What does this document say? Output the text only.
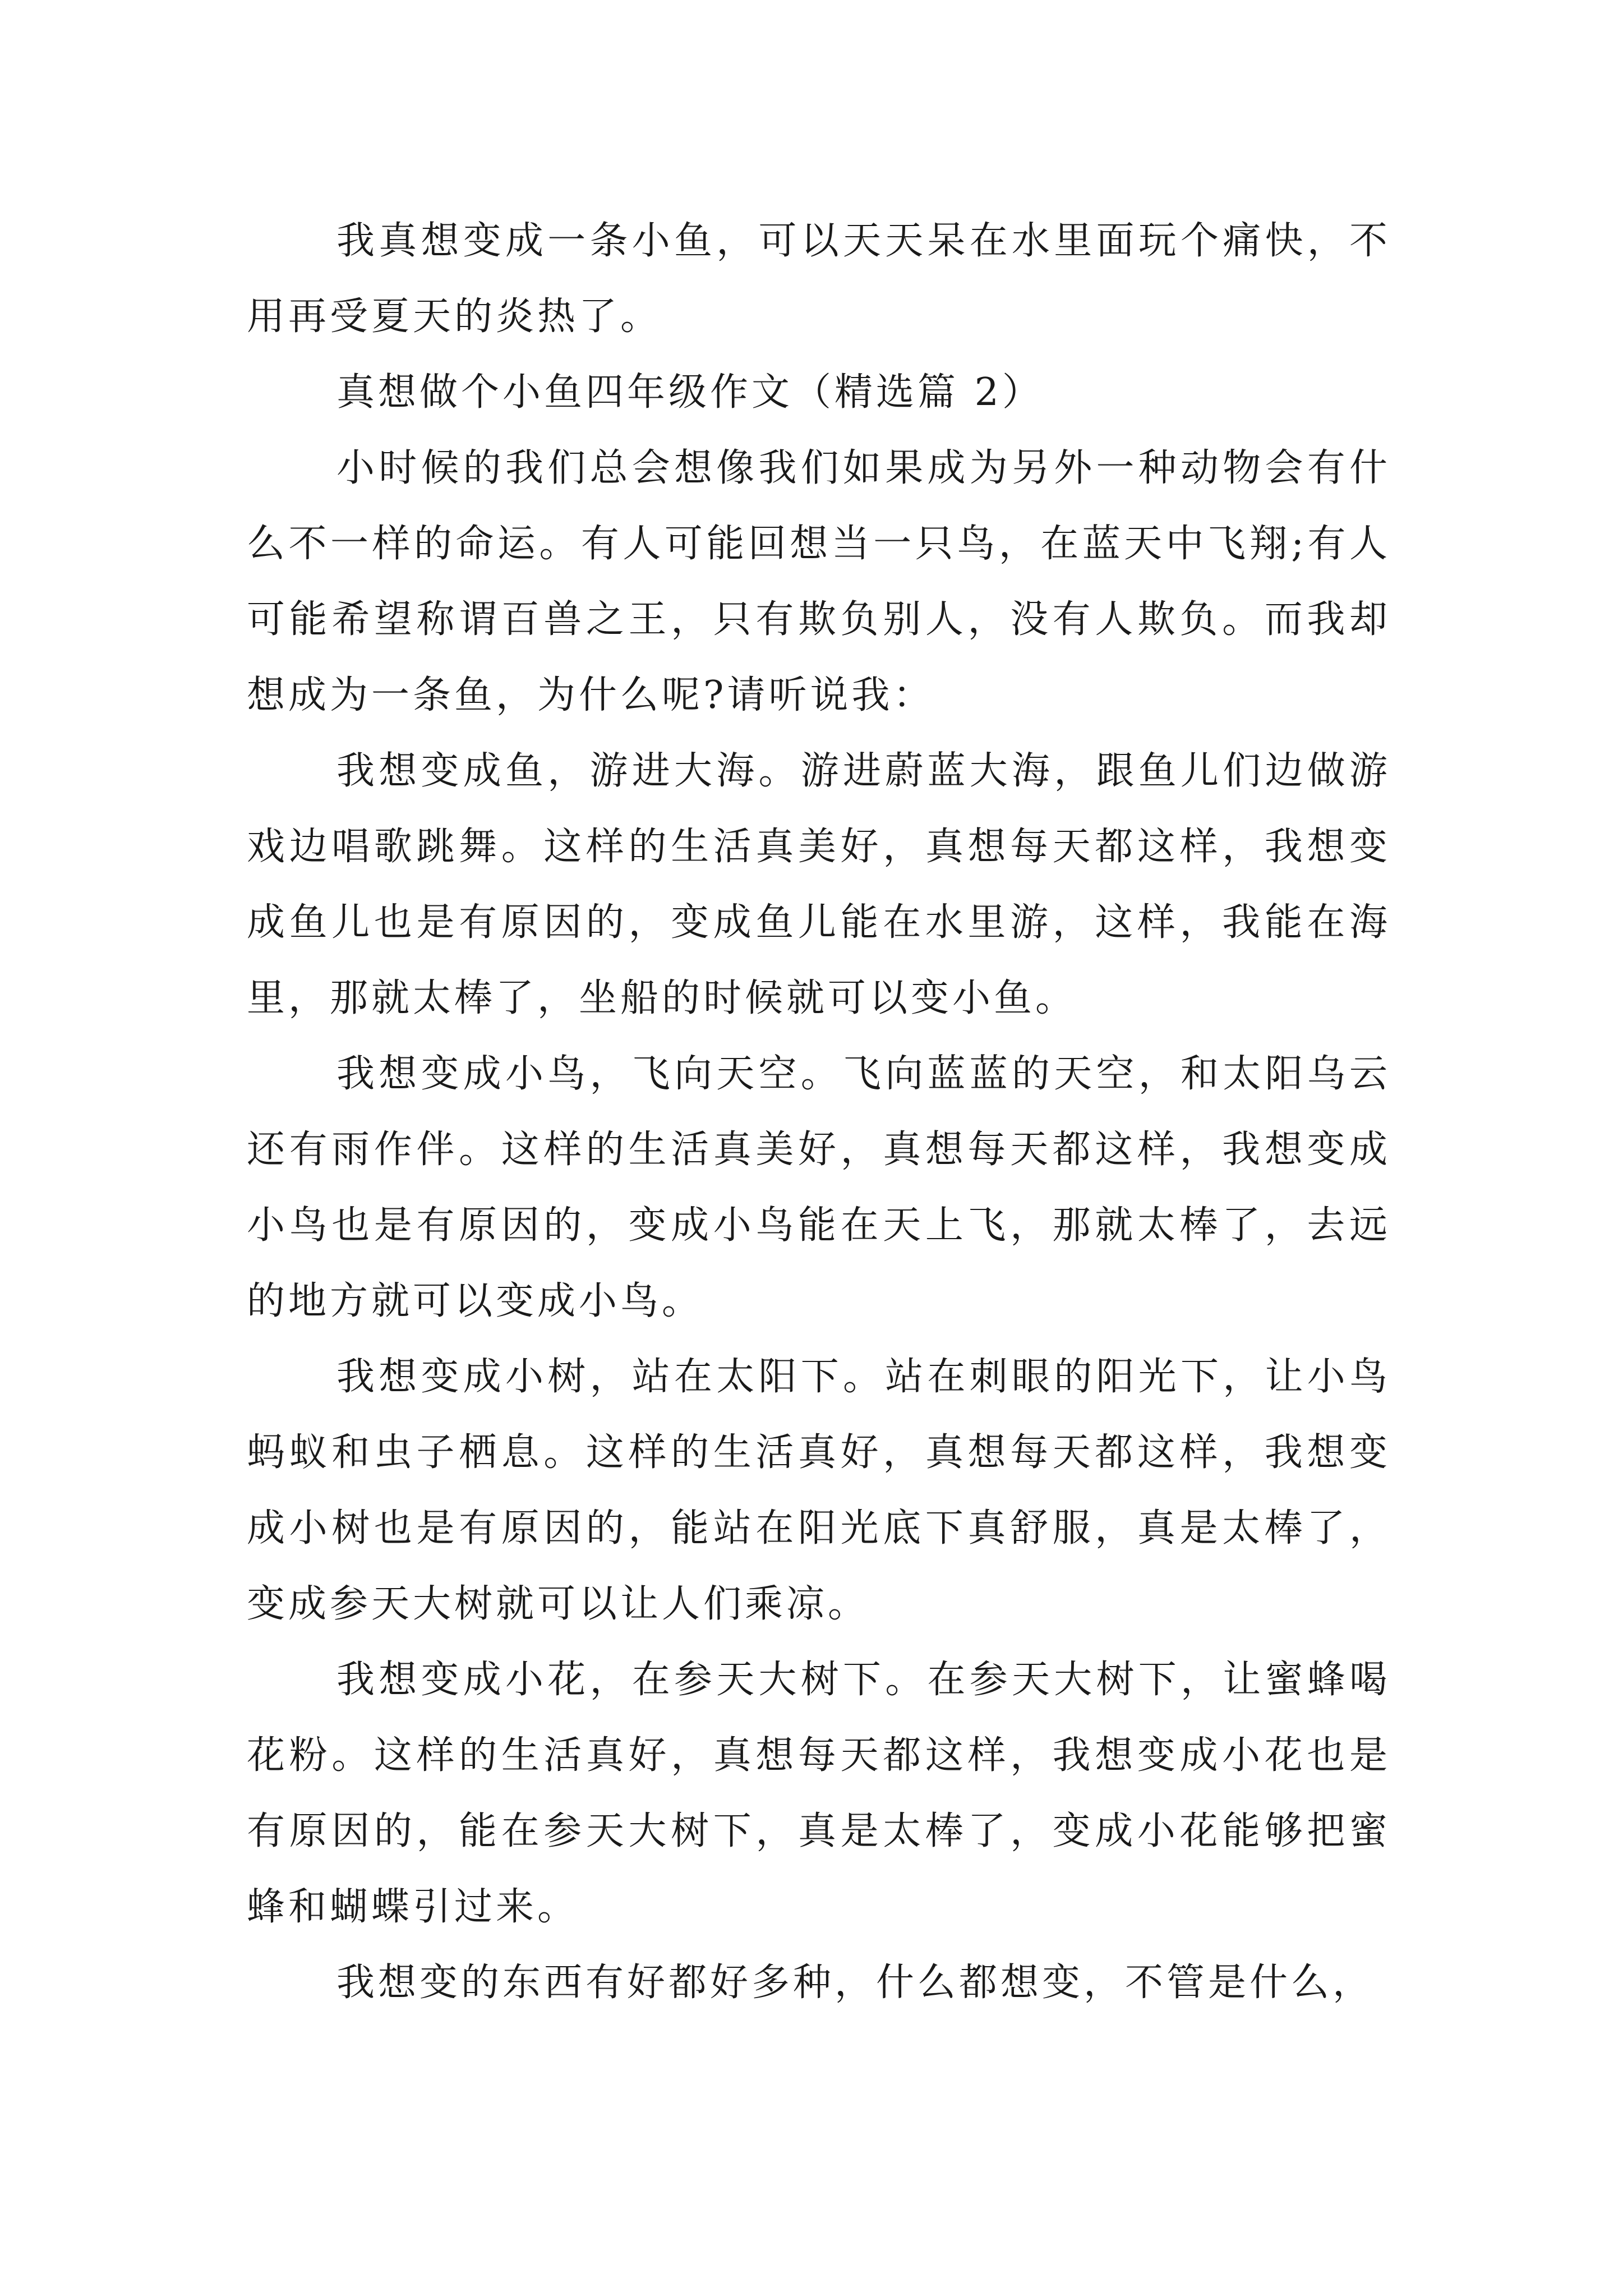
我真想变成一条小鱼，可以天天呆在水里面玩个痛快，不用再受夏天的炎热了。

真想做个小鱼四年级作文（精选篇 2）

小时候的我们总会想像我们如果成为另外一种动物会有什么不一样的命运。有人可能回想当一只鸟，在蓝天中飞翔;有人可能希望称谓百兽之王，只有欺负别人，没有人欺负。而我却想成为一条鱼，为什么呢?请听说我：

我想变成鱼，游进大海。游进蔚蓝大海，跟鱼儿们边做游戏边唱歌跳舞。这样的生活真美好，真想每天都这样，我想变成鱼儿也是有原因的，变成鱼儿能在水里游，这样，我能在海里，那就太棒了，坐船的时候就可以变小鱼。

我想变成小鸟，飞向天空。飞向蓝蓝的天空，和太阳乌云还有雨作伴。这样的生活真美好，真想每天都这样，我想变成小鸟也是有原因的，变成小鸟能在天上飞，那就太棒了，去远的地方就可以变成小鸟。

我想变成小树，站在太阳下。站在刺眼的阳光下，让小鸟蚂蚁和虫子栖息。这样的生活真好，真想每天都这样，我想变成小树也是有原因的，能站在阳光底下真舒服，真是太棒了，变成参天大树就可以让人们乘凉。

我想变成小花，在参天大树下。在参天大树下，让蜜蜂喝花粉。这样的生活真好，真想每天都这样，我想变成小花也是有原因的，能在参天大树下，真是太棒了，变成小花能够把蜜蜂和蝴蝶引过来。

我想变的东西有好都好多种，什么都想变，不管是什么，
